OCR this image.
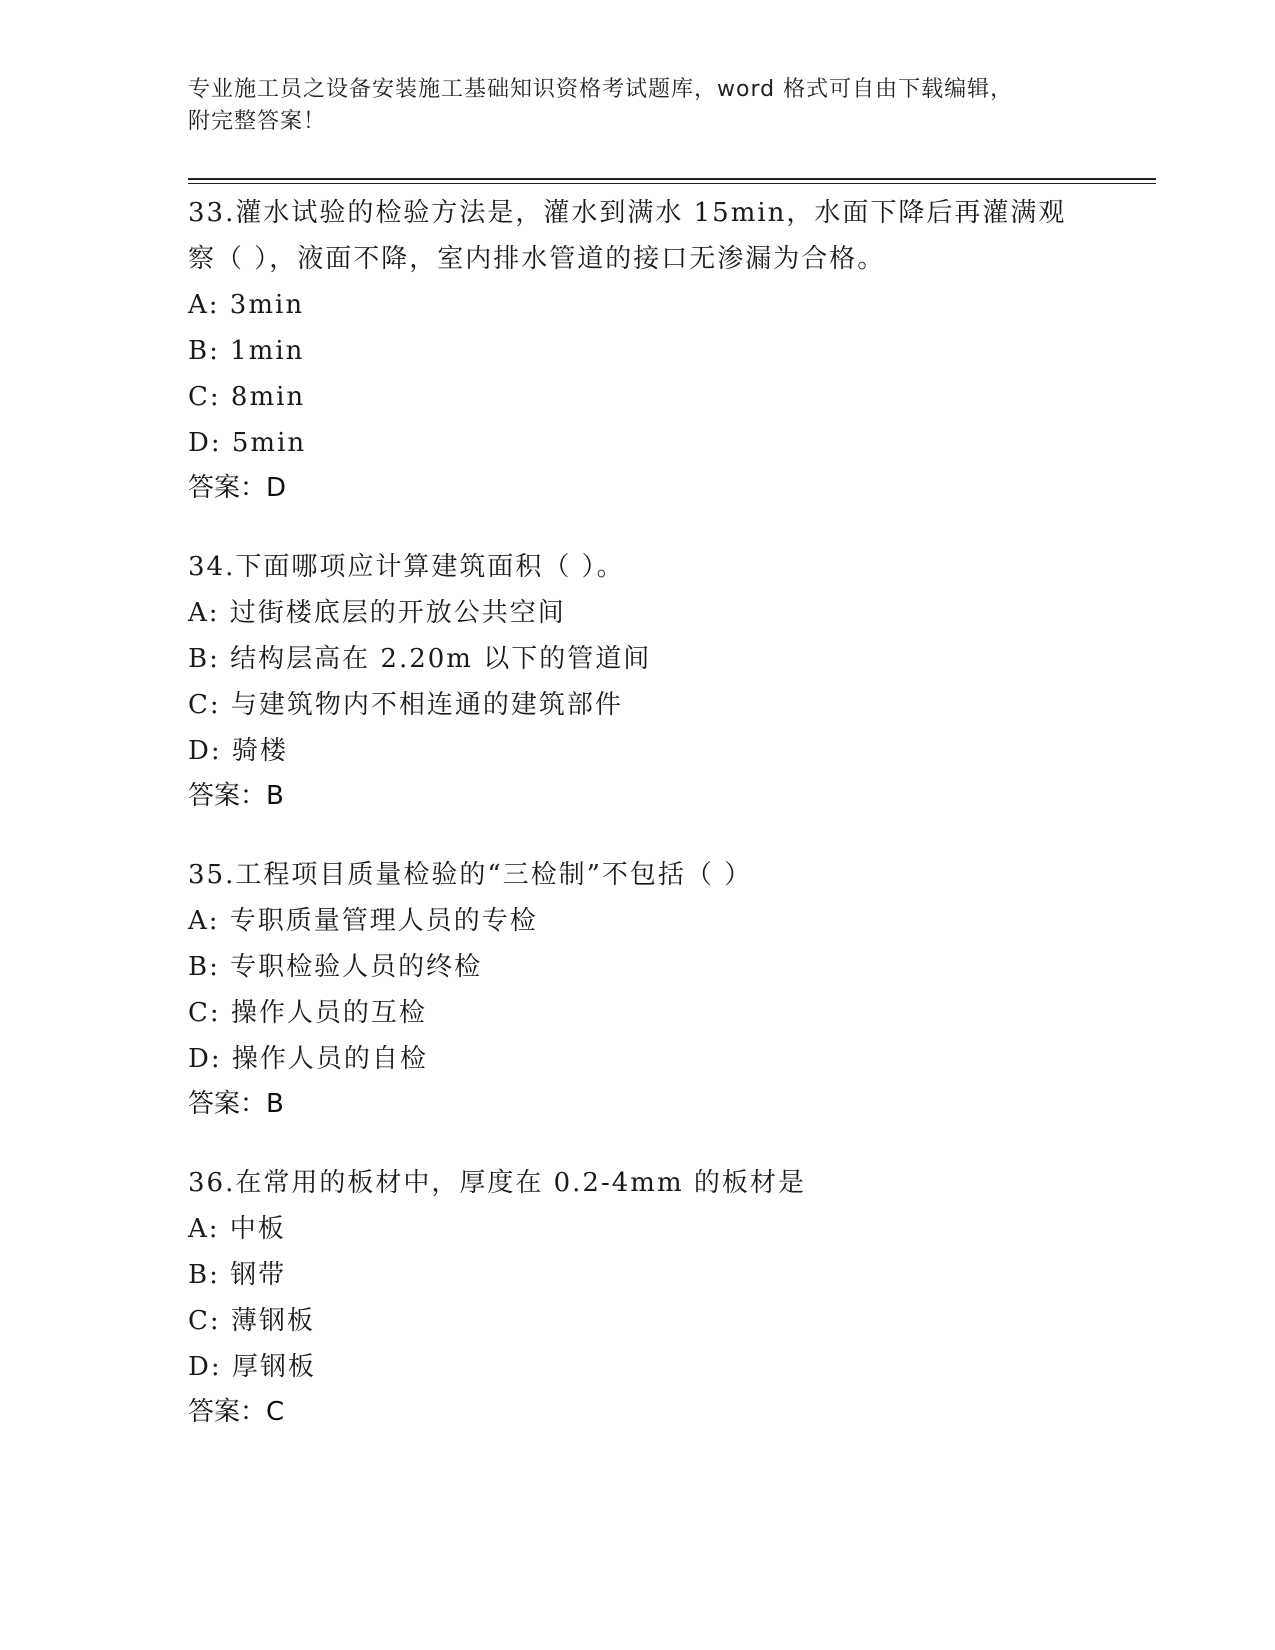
专业施工员之设备安装施工基础知识资格考试题库，word 格式可自由下载编辑，
附完整答案！
33.灌水试验的检验方法是，灌水到满水 15min，水面下降后再灌满观
察（ ），液面不降，室内排水管道的接口无渗漏为合格。
A: 3min
B: 1min
C: 8min
D: 5min
答案：D
34.下面哪项应计算建筑面积（ ）。
A: 过街楼底层的开放公共空间
B: 结构层高在 2.20m 以下的管道间
C: 与建筑物内不相连通的建筑部件
D: 骑楼
答案：B
35.工程项目质量检验的“三检制”不包括（ ）
A: 专职质量管理人员的专检
B: 专职检验人员的终检
C: 操作人员的互检
D: 操作人员的自检
答案：B
36.在常用的板材中，厚度在 0.2-4mm 的板材是
A: 中板
B: 钢带
C: 薄钢板
D: 厚钢板
答案：C
